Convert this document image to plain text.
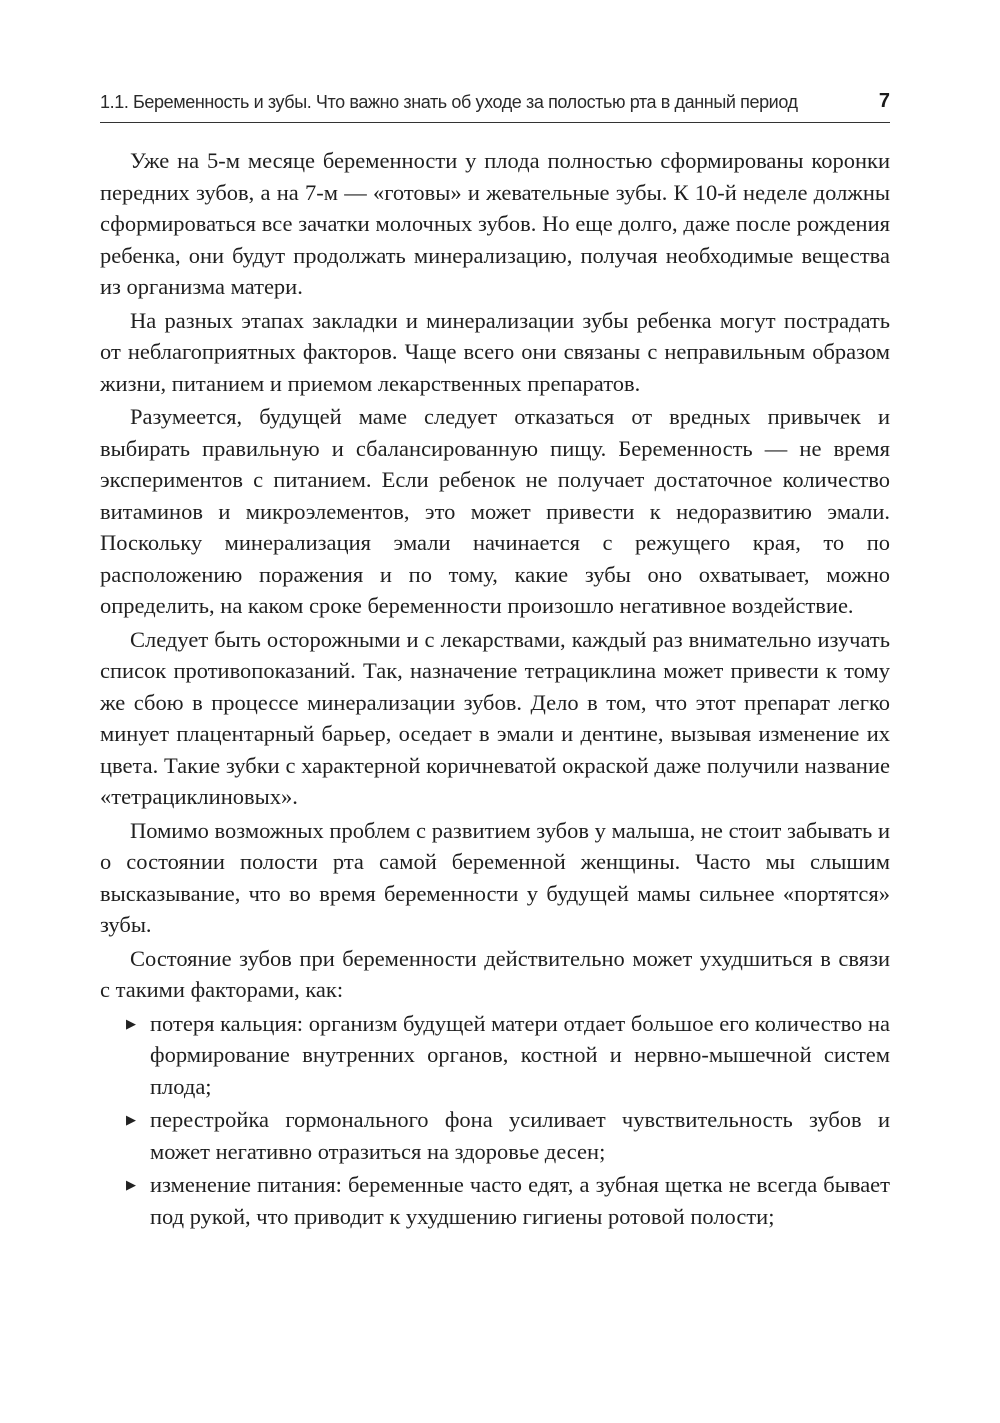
1.1. Беременность и зубы. Что важно знать об уходе за полостью рта в данный период	7

Уже на 5-м месяце беременности у плода полностью сформированы коронки передних зубов, а на 7-м — «готовы» и жевательные зубы. К 10-й неделе должны сформироваться все зачатки молочных зубов. Но еще долго, даже после рождения ребенка, они будут продолжать минерализацию, получая необходимые вещества из организма матери.

На разных этапах закладки и минерализации зубы ребенка могут пострадать от неблагоприятных факторов. Чаще всего они связаны с неправильным образом жизни, питанием и приемом лекарственных препаратов.

Разумеется, будущей маме следует отказаться от вредных привычек и выбирать правильную и сбалансированную пищу. Беременность — не время экспериментов с питанием. Если ребенок не получает достаточное количество витаминов и микроэлементов, это может привести к недоразвитию эмали. Поскольку минерализация эмали начинается с режущего края, то по расположению поражения и по тому, какие зубы оно охватывает, можно определить, на каком сроке беременности произошло негативное воздействие.

Следует быть осторожными и с лекарствами, каждый раз внимательно изучать список противопоказаний. Так, назначение тетрациклина может привести к тому же сбою в процессе минерализации зубов. Дело в том, что этот препарат легко минует плацентарный барьер, оседает в эмали и дентине, вызывая изменение их цвета. Такие зубки с характерной коричневатой окраской даже получили название «тетрациклиновых».

Помимо возможных проблем с развитием зубов у малыша, не стоит забывать и о состоянии полости рта самой беременной женщины. Часто мы слышим высказывание, что во время беременности у будущей мамы сильнее «портятся» зубы.

Состояние зубов при беременности действительно может ухудшиться в связи с такими факторами, как:

▶ потеря кальция: организм будущей матери отдает большое его количество на формирование внутренних органов, костной и нервно-мышечной систем плода;
▶ перестройка гормонального фона усиливает чувствительность зубов и может негативно отразиться на здоровье десен;
▶ изменение питания: беременные часто едят, а зубная щетка не всегда бывает под рукой, что приводит к ухудшению гигиены ротовой полости;
